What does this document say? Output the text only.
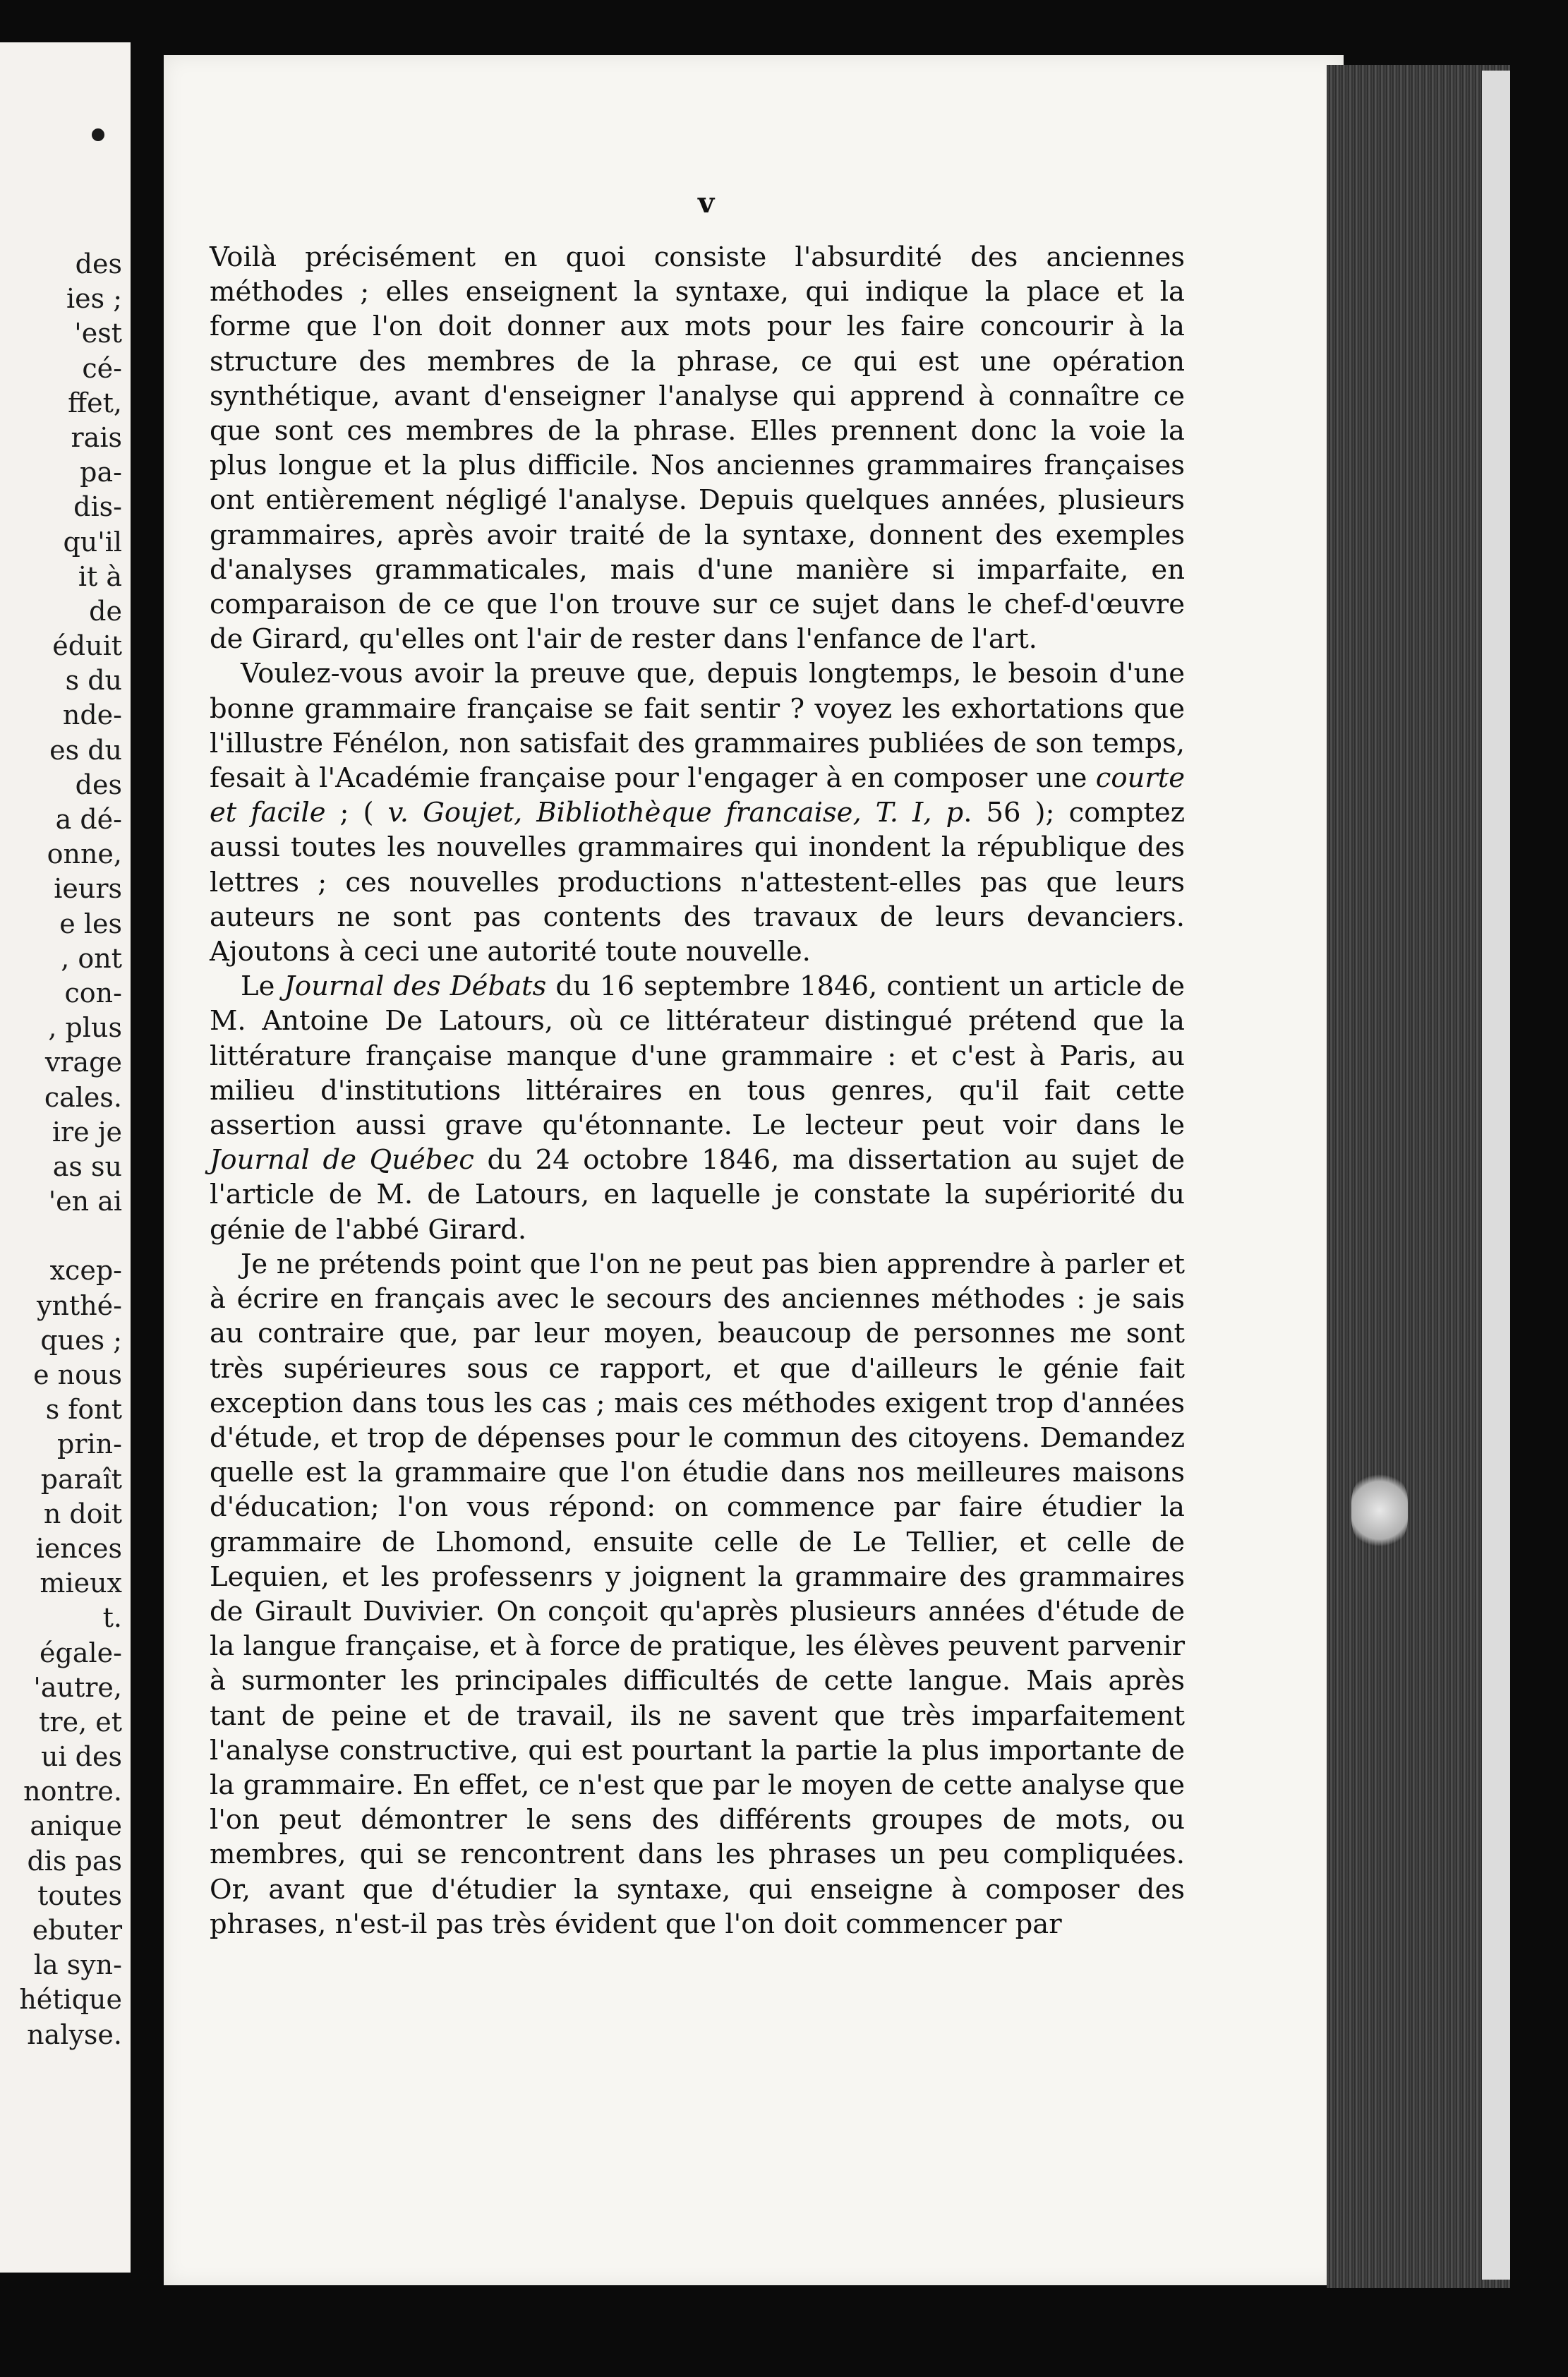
des
ies ;
'est
cé-
ffet,
rais
pa-
dis-
qu'il
it à
de
éduit
s du
nde-
es du
des
a dé-
onne,
ieurs
e les
, ont
con-
, plus
vrage
cales.
ire je
as su
'en ai
xcep-
ynthé-
ques ;
e nous
s font
prin-
paraît
n doit
iences
mieux
t.
égale-
'autre,
tre, et
ui des
nontre.
anique
dis pas
toutes
ebuter
la syn-
hétique
nalyse.
v

Voilà précisément en quoi consiste l'absurdité des anciennes méthodes ; elles enseignent la syntaxe, qui indique la place et la forme que l'on doit donner aux mots pour les faire concourir à la structure des membres de la phrase, ce qui est une opération synthétique, avant d'enseigner l'analyse qui apprend à connaître ce que sont ces membres de la phrase. Elles prennent donc la voie la plus longue et la plus difficile. Nos anciennes grammaires françaises ont entièrement négligé l'analyse. Depuis quelques années, plusieurs grammaires, après avoir traité de la syntaxe, donnent des exemples d'analyses grammaticales, mais d'une manière si imparfaite, en comparaison de ce que l'on trouve sur ce sujet dans le chef-d'œuvre de Girard, qu'elles ont l'air de rester dans l'enfance de l'art.

Voulez-vous avoir la preuve que, depuis longtemps, le besoin d'une bonne grammaire française se fait sentir ? voyez les exhortations que l'illustre Fénélon, non satisfait des grammaires publiées de son temps, fesait à l'Académie française pour l'engager à en composer une courte et facile ; ( v. Goujet, Bibliothèque francaise, T. I, p. 56 ); comptez aussi toutes les nouvelles grammaires qui inondent la république des lettres ; ces nouvelles productions n'attestent-elles pas que leurs auteurs ne sont pas contents des travaux de leurs devanciers. Ajoutons à ceci une autorité toute nouvelle.

Le Journal des Débats du 16 septembre 1846, contient un article de M. Antoine De Latours, où ce littérateur distingué prétend que la littérature française manque d'une grammaire : et c'est à Paris, au milieu d'institutions littéraires en tous genres, qu'il fait cette assertion aussi grave qu'étonnante. Le lecteur peut voir dans le Journal de Québec du 24 octobre 1846, ma dissertation au sujet de l'article de M. de Latours, en laquelle je constate la supériorité du génie de l'abbé Girard.

Je ne prétends point que l'on ne peut pas bien apprendre à parler et à écrire en français avec le secours des anciennes méthodes : je sais au contraire que, par leur moyen, beaucoup de personnes me sont très supérieures sous ce rapport, et que d'ailleurs le génie fait exception dans tous les cas ; mais ces méthodes exigent trop d'années d'étude, et trop de dépenses pour le commun des citoyens. Demandez quelle est la grammaire que l'on étudie dans nos meilleures maisons d'éducation; l'on vous répond: on commence par faire étudier la grammaire de Lhomond, ensuite celle de Le Tellier, et celle de Lequien, et les professenrs y joignent la grammaire des grammaires de Girault Duvivier. On conçoit qu'après plusieurs années d'étude de la langue française, et à force de pratique, les élèves peuvent parvenir à surmonter les principales difficultés de cette langue. Mais après tant de peine et de travail, ils ne savent que très imparfaitement l'analyse constructive, qui est pourtant la partie la plus importante de la grammaire. En effet, ce n'est que par le moyen de cette analyse que l'on peut démontrer le sens des différents groupes de mots, ou membres, qui se rencontrent dans les phrases un peu compliquées. Or, avant que d'étudier la syntaxe, qui enseigne à composer des phrases, n'est-il pas très évident que l'on doit commencer par
